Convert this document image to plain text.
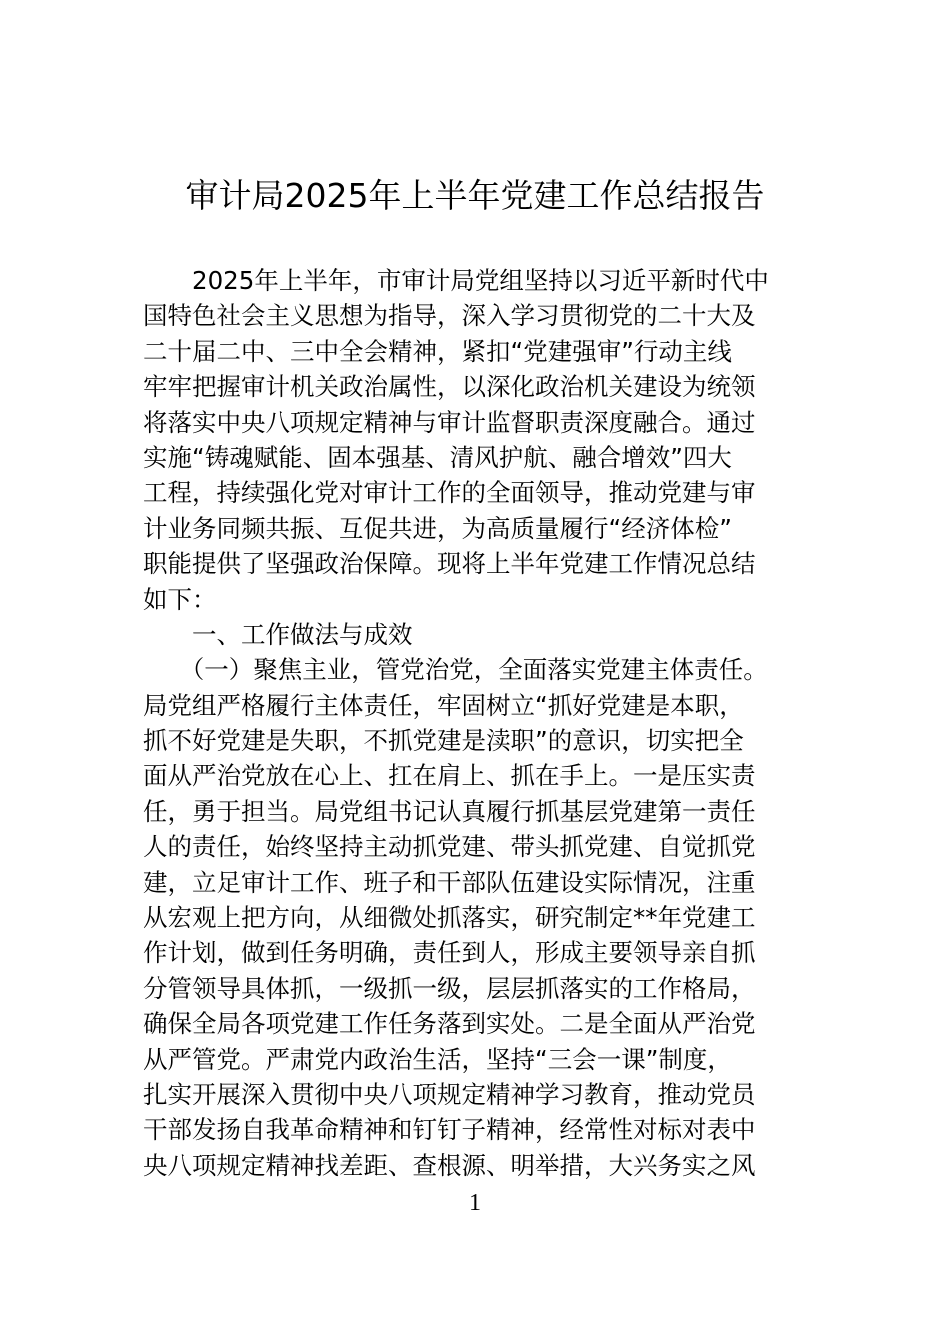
审计局2025年上半年党建工作总结报告
　　2025年上半年，市审计局党组坚持以习近平新时代中
国特色社会主义思想为指导，深入学习贯彻党的二十大及
二十届二中、三中全会精神，紧扣“党建强审”行动主线
牢牢把握审计机关政治属性，以深化政治机关建设为统领
将落实中央八项规定精神与审计监督职责深度融合。通过
实施“铸魂赋能、固本强基、清风护航、融合增效”四大
工程，持续强化党对审计工作的全面领导，推动党建与审
计业务同频共振、互促共进，为高质量履行“经济体检”
职能提供了坚强政治保障。现将上半年党建工作情况总结
如下：
　　一、工作做法与成效
　　（一）聚焦主业，管党治党，全面落实党建主体责任。
局党组严格履行主体责任，牢固树立“抓好党建是本职，
抓不好党建是失职，不抓党建是渎职”的意识，切实把全
面从严治党放在心上、扛在肩上、抓在手上。一是压实责
任，勇于担当。局党组书记认真履行抓基层党建第一责任
人的责任，始终坚持主动抓党建、带头抓党建、自觉抓党
建，立足审计工作、班子和干部队伍建设实际情况，注重
从宏观上把方向，从细微处抓落实，研究制定**年党建工
作计划，做到任务明确，责任到人，形成主要领导亲自抓
分管领导具体抓，一级抓一级，层层抓落实的工作格局，
确保全局各项党建工作任务落到实处。二是全面从严治党
从严管党。严肃党内政治生活，坚持“三会一课”制度，
扎实开展深入贯彻中央八项规定精神学习教育，推动党员
干部发扬自我革命精神和钉钉子精神，经常性对标对表中
央八项规定精神找差距、查根源、明举措，大兴务实之风
1
